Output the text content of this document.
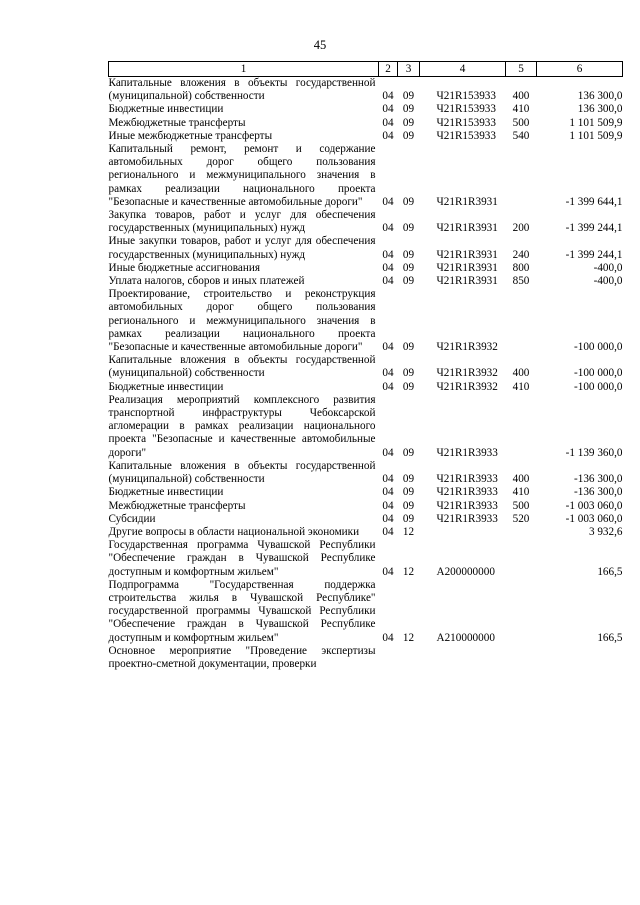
45
1	2	3	4	5	6
Капитальные вложения в объекты государственной (муниципальной) собственности	04	09	Ч21R153933	400	136 300,0
Бюджетные инвестиции	04	09	Ч21R153933	410	136 300,0
Межбюджетные трансферты	04	09	Ч21R153933	500	1 101 509,9
Иные межбюджетные трансферты	04	09	Ч21R153933	540	1 101 509,9
Капитальный ремонт, ремонт и содержание автомобильных дорог общего пользования регионального и межмуниципального значения в рамках реализации национального проекта "Безопасные и качественные автомобильные дороги"	04	09	Ч21R1R3931		-1 399 644,1
Закупка товаров, работ и услуг для обеспечения государственных (муниципальных) нужд	04	09	Ч21R1R3931	200	-1 399 244,1
Иные закупки товаров, работ и услуг для обеспечения государственных (муниципальных) нужд	04	09	Ч21R1R3931	240	-1 399 244,1
Иные бюджетные ассигнования	04	09	Ч21R1R3931	800	-400,0
Уплата налогов, сборов и иных платежей	04	09	Ч21R1R3931	850	-400,0
Проектирование, строительство и реконструкция автомобильных дорог общего пользования регионального и межмуниципального значения в рамках реализации национального проекта "Безопасные и качественные автомобильные дороги"	04	09	Ч21R1R3932		-100 000,0
Капитальные вложения в объекты государственной (муниципальной) собственности	04	09	Ч21R1R3932	400	-100 000,0
Бюджетные инвестиции	04	09	Ч21R1R3932	410	-100 000,0
Реализация мероприятий комплексного развития транспортной инфраструктуры Чебоксарской агломерации в рамках реализации национального проекта "Безопасные и качественные автомобильные дороги"	04	09	Ч21R1R3933		-1 139 360,0
Капитальные вложения в объекты государственной (муниципальной) собственности	04	09	Ч21R1R3933	400	-136 300,0
Бюджетные инвестиции	04	09	Ч21R1R3933	410	-136 300,0
Межбюджетные трансферты	04	09	Ч21R1R3933	500	-1 003 060,0
Субсидии	04	09	Ч21R1R3933	520	-1 003 060,0
Другие вопросы в области национальной экономики	04	12			3 932,6
Государственная программа Чувашской Республики "Обеспечение граждан в Чувашской Республике доступным и комфортным жильем"	04	12	А200000000		166,5
Подпрограмма "Государственная поддержка строительства жилья в Чувашской Республике" государственной программы Чувашской Республики "Обеспечение граждан в Чувашской Республике доступным и комфортным жильем"	04	12	А210000000		166,5
Основное мероприятие "Проведение экспертизы проектно-сметной документации, проверки					
